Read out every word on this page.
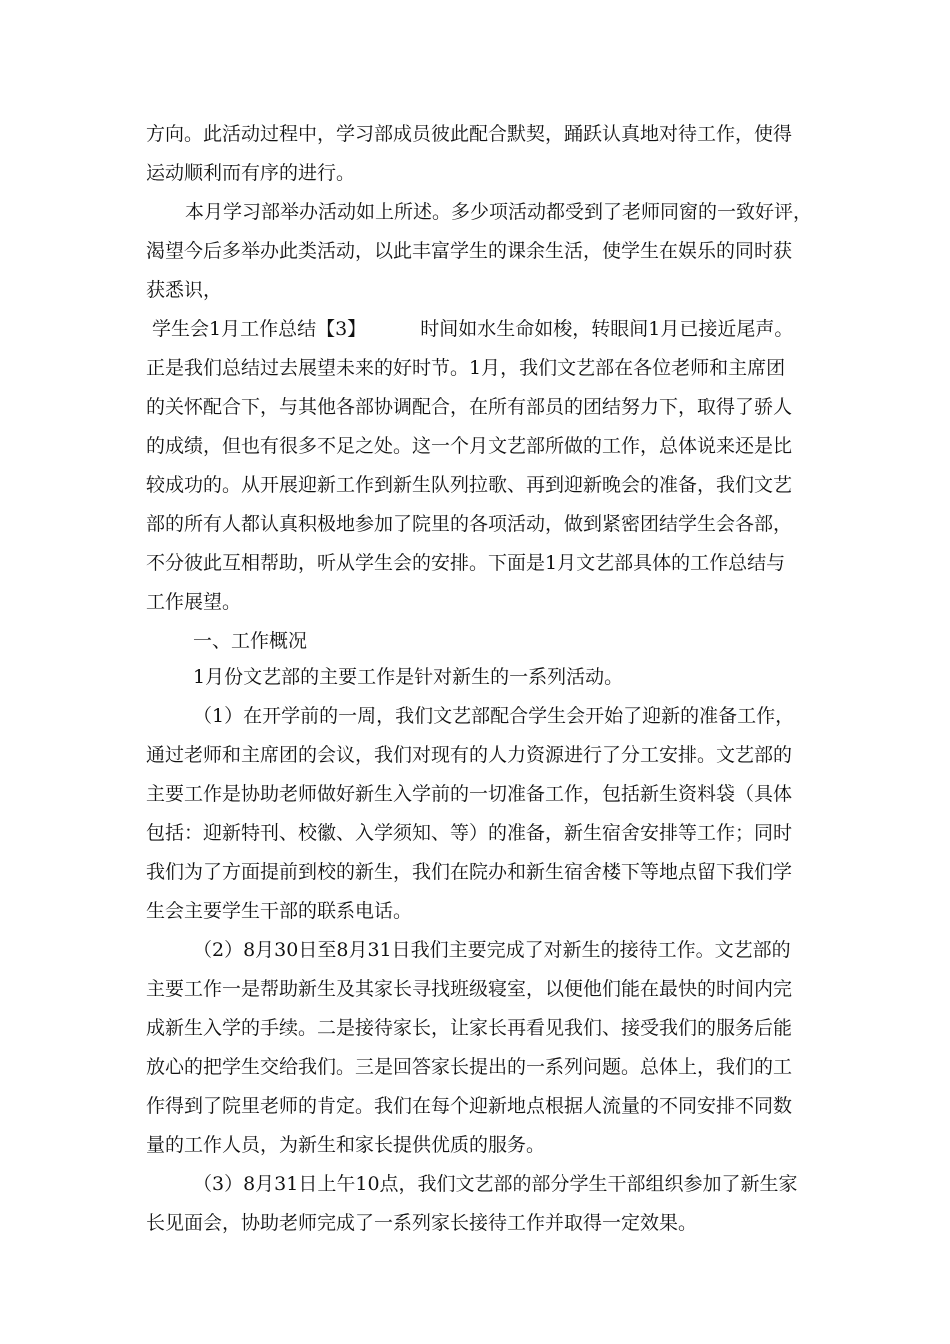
方向。此活动过程中，学习部成员彼此配合默契，踊跃认真地对待工作，使得
运动顺利而有序的进行。
本月学习部举办活动如上所述。多少项活动都受到了老师同窗的一致好评，
渴望今后多举办此类活动，以此丰富学生的课余生活，使学生在娱乐的同时获
获悉识，
学生会1月工作总结【3】	时间如水生命如梭，转眼间1月已接近尾声。
正是我们总结过去展望未来的好时节。1月，我们文艺部在各位老师和主席团
的关怀配合下，与其他各部协调配合，在所有部员的团结努力下，取得了骄人
的成绩，但也有很多不足之处。这一个月文艺部所做的工作，总体说来还是比
较成功的。从开展迎新工作到新生队列拉歌、再到迎新晚会的准备，我们文艺
部的所有人都认真积极地参加了院里的各项活动，做到紧密团结学生会各部，
不分彼此互相帮助，听从学生会的安排。下面是1月文艺部具体的工作总结与
工作展望。
一、工作概况
1月份文艺部的主要工作是针对新生的一系列活动。
（1）在开学前的一周，我们文艺部配合学生会开始了迎新的准备工作，
通过老师和主席团的会议，我们对现有的人力资源进行了分工安排。文艺部的
主要工作是协助老师做好新生入学前的一切准备工作，包括新生资料袋（具体
包括：迎新特刊、校徽、入学须知、等）的准备，新生宿舍安排等工作；同时
我们为了方面提前到校的新生，我们在院办和新生宿舍楼下等地点留下我们学
生会主要学生干部的联系电话。
（2）8月30日至8月31日我们主要完成了对新生的接待工作。文艺部的
主要工作一是帮助新生及其家长寻找班级寝室，以便他们能在最快的时间内完
成新生入学的手续。二是接待家长，让家长再看见我们、接受我们的服务后能
放心的把学生交给我们。三是回答家长提出的一系列问题。总体上，我们的工
作得到了院里老师的肯定。我们在每个迎新地点根据人流量的不同安排不同数
量的工作人员，为新生和家长提供优质的服务。
（3）8月31日上午10点，我们文艺部的部分学生干部组织参加了新生家
长见面会，协助老师完成了一系列家长接待工作并取得一定效果。
